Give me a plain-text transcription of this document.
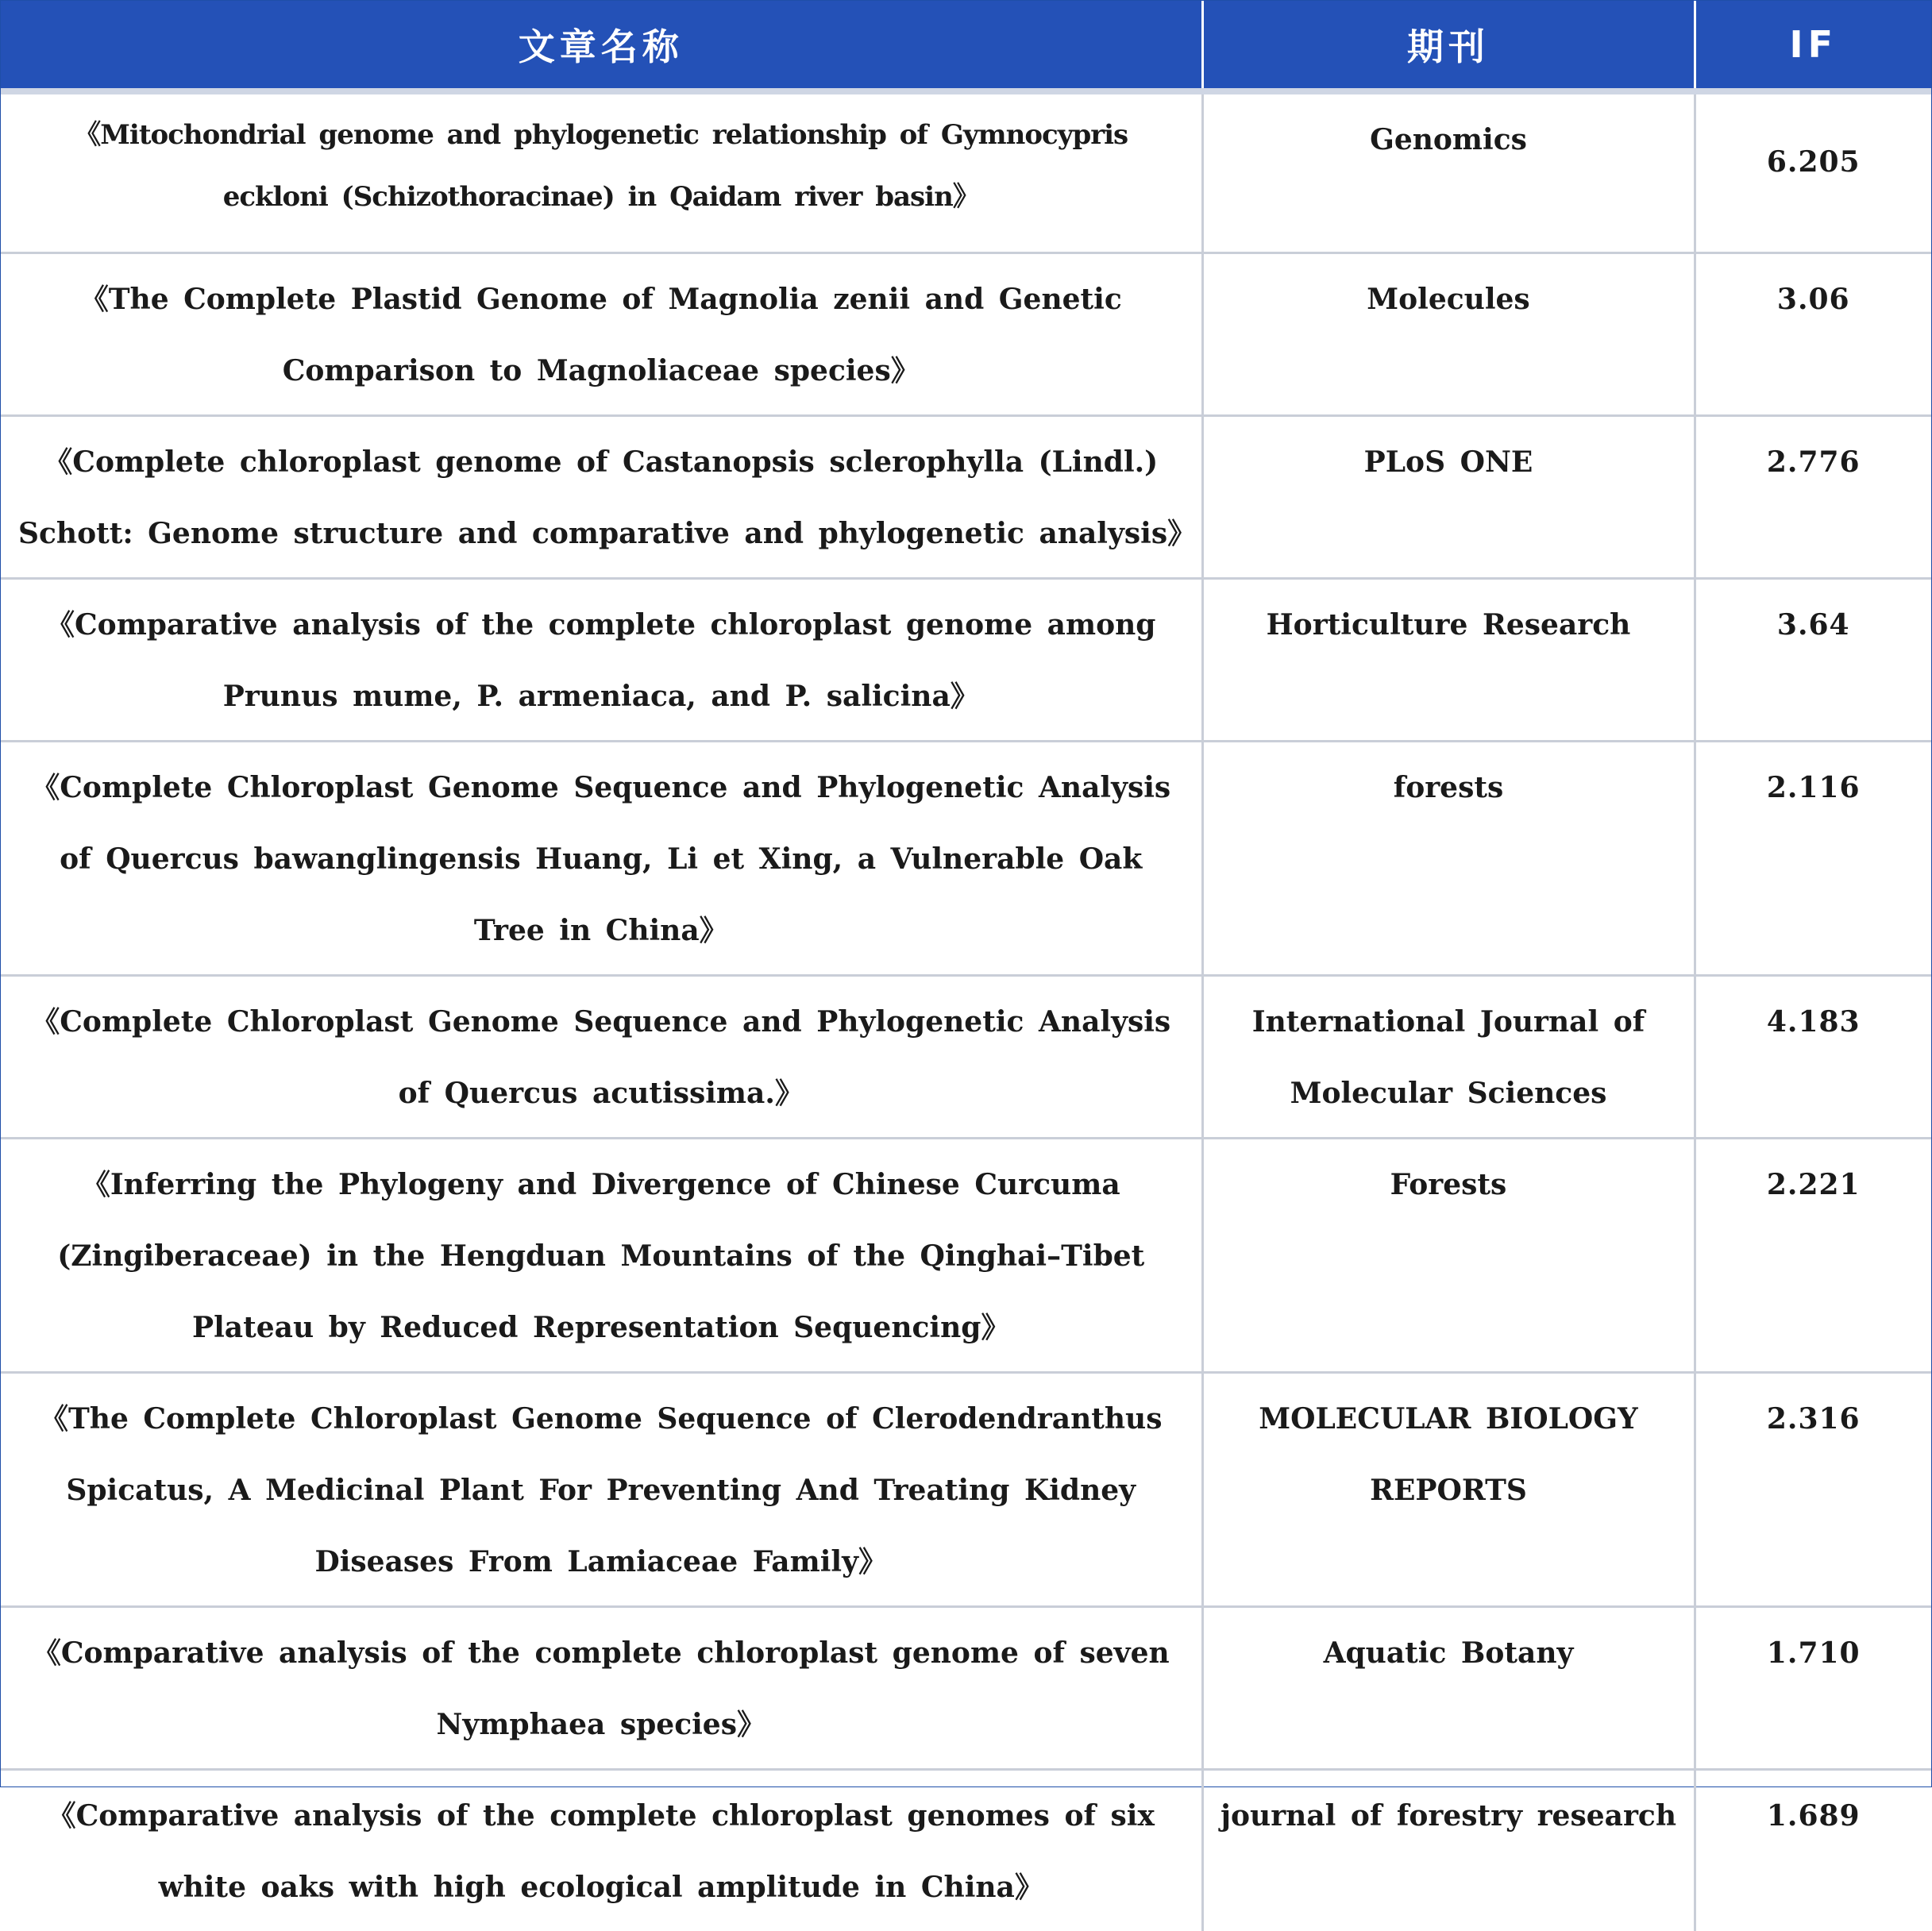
文章名称	期刊	IF
《Mitochondrial genome and phylogenetic relationship of Gymnocypris eckloni (Schizothoracinae) in Qaidam river basin》	Genomics	6.205
《The Complete Plastid Genome of Magnolia zenii and Genetic Comparison to Magnoliaceae species》	Molecules	3.06
《Complete chloroplast genome of Castanopsis sclerophylla (Lindl.) Schott: Genome structure and comparative and phylogenetic analysis》	PLoS ONE	2.776
《Comparative analysis of the complete chloroplast genome among Prunus mume, P. armeniaca, and P. salicina》	Horticulture Research	3.64
《Complete Chloroplast Genome Sequence and Phylogenetic Analysis of Quercus bawanglingensis Huang, Li et Xing, a Vulnerable Oak Tree in China》	forests	2.116
《Complete Chloroplast Genome Sequence and Phylogenetic Analysis of Quercus acutissima.》	International Journal of Molecular Sciences	4.183
《Inferring the Phylogeny and Divergence of Chinese Curcuma (Zingiberaceae) in the Hengduan Mountains of the Qinghai–Tibet Plateau by Reduced Representation Sequencing》	Forests	2.221
《The Complete Chloroplast Genome Sequence of Clerodendranthus Spicatus, A Medicinal Plant For Preventing And Treating Kidney Diseases From Lamiaceae Family》	MOLECULAR BIOLOGY REPORTS	2.316
《Comparative analysis of the complete chloroplast genome of seven Nymphaea species》	Aquatic Botany	1.710
《Comparative analysis of the complete chloroplast genomes of six white oaks with high ecological amplitude in China》	journal of forestry research	1.689
